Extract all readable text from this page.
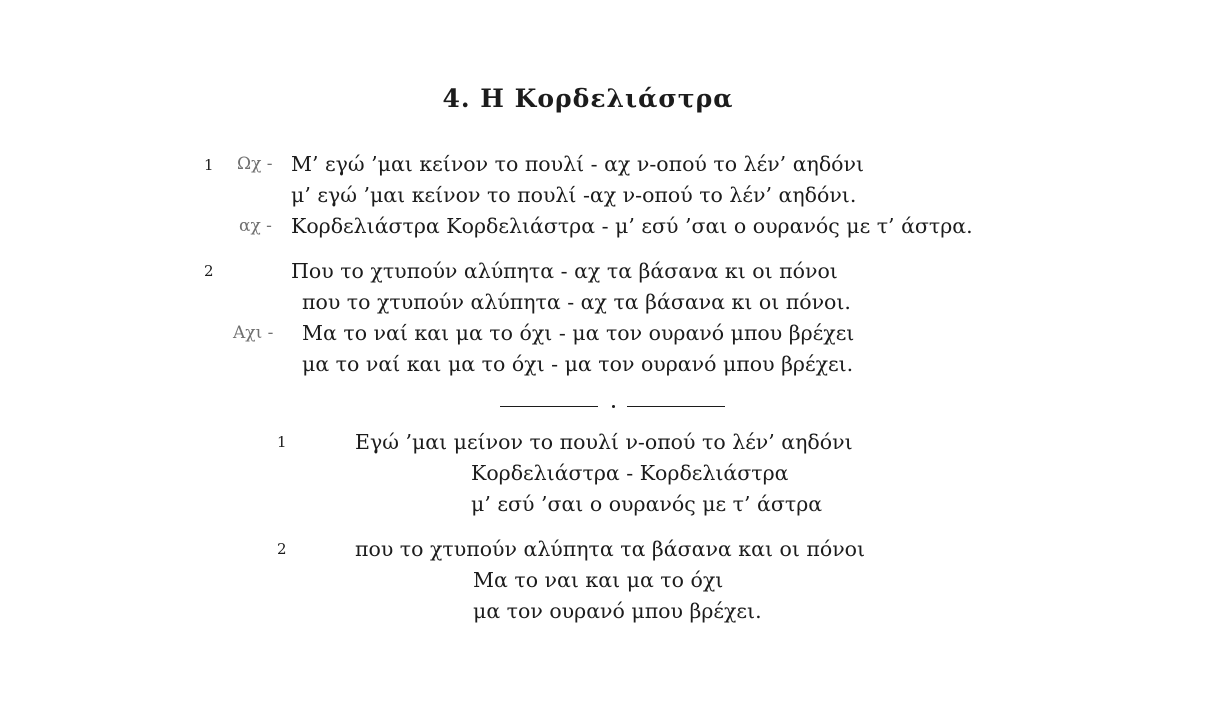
4. Η Κορδελιάστρα
1 Ωχ - Μ’ εγώ ’μαι κείνον το πουλί - αχ ν-οπού το λέν’ αηδόνι
μ’ εγώ ’μαι κείνον το πουλί -αχ ν-οπού το λέν’ αηδόνι.
αχ - Κορδελιάστρα Κορδελιάστρα - μ’ εσύ ’σαι ο ουρανός με τ’ άστρα.
2	Που το χτυπούν αλύπητα - αχ τα βάσανα κι οι πόνοι
που το χτυπούν αλύπητα - αχ τα βάσανα κι οι πόνοι.
Αχι - Μα το ναί και μα το όχι - μα τον ουρανό μπου βρέχει
μα το ναί και μα το όχι - μα τον ουρανό μπου βρέχει.
1	Εγώ ’μαι μείνον το πουλί ν-οπού το λέν’ αηδόνι
Κορδελιάστρα - Κορδελιάστρα
μ’ εσύ ’σαι ο ουρανός με τ’ άστρα
2	που το χτυπούν αλύπητα τα βάσανα και οι πόνοι
Μα το ναι και μα το όχι
μα τον ουρανό μπου βρέχει.
